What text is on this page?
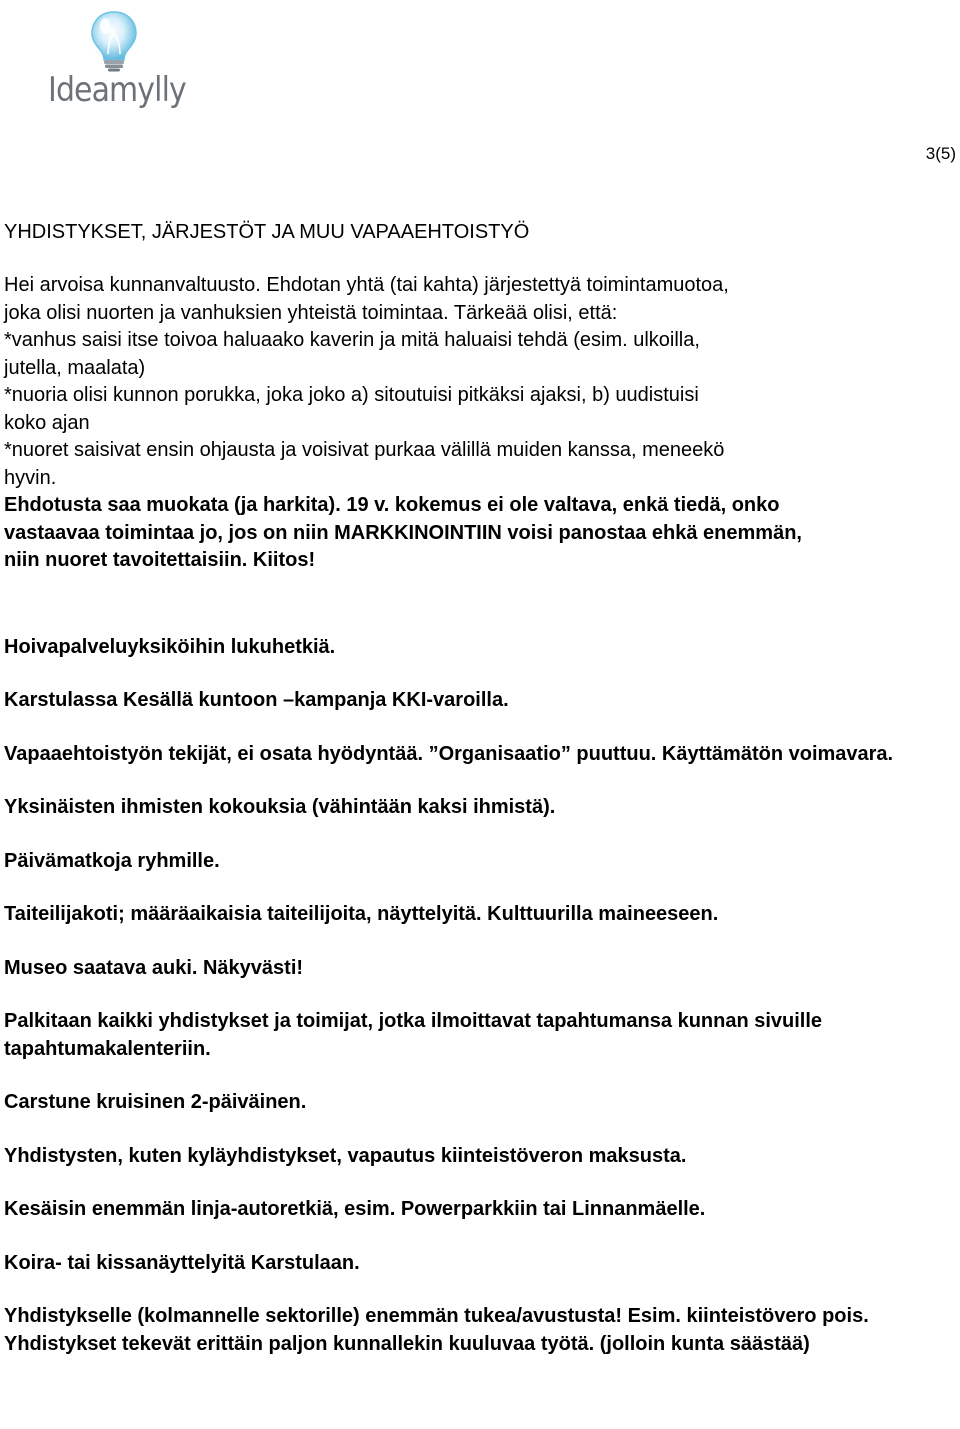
Ideamylly
3(5)
YHDISTYKSET, JÄRJESTÖT JA MUU VAPAAEHTOISTYÖ

Hei arvoisa kunnanvaltuusto. Ehdotan yhtä (tai kahta) järjestettyä toimintamuotoa,

joka olisi nuorten ja vanhuksien yhteistä toimintaa. Tärkeää olisi, että:

*vanhus saisi itse toivoa haluaako kaverin ja mitä haluaisi tehdä (esim. ulkoilla,

jutella, maalata)

*nuoria olisi kunnon porukka, joka joko a) sitoutuisi pitkäksi ajaksi, b) uudistuisi

koko ajan

*nuoret saisivat ensin ohjausta ja voisivat purkaa välillä muiden kanssa, meneekö

hyvin.

Ehdotusta saa muokata (ja harkita). 19 v. kokemus ei ole valtava, enkä tiedä, onko

vastaavaa toimintaa jo, jos on niin MARKKINOINTIIN voisi panostaa ehkä enemmän,

niin nuoret tavoitettaisiin. Kiitos!

Hoivapalveluyksiköihin lukuhetkiä.

Karstulassa Kesällä kuntoon –kampanja KKI-varoilla.

Vapaaehtoistyön tekijät, ei osata hyödyntää. ”Organisaatio” puuttuu. Käyttämätön voimavara.

Yksinäisten ihmisten kokouksia (vähintään kaksi ihmistä).

Päivämatkoja ryhmille.

Taiteilijakoti; määräaikaisia taiteilijoita, näyttelyitä. Kulttuurilla maineeseen.

Museo saatava auki. Näkyvästi!

Palkitaan kaikki yhdistykset ja toimijat, jotka ilmoittavat tapahtumansa kunnan sivuille tapahtumakalenteriin.

Carstune kruisinen 2-päiväinen.

Yhdistysten, kuten kyläyhdistykset, vapautus kiinteistöveron maksusta.

Kesäisin enemmän linja-autoretkiä, esim. Powerparkkiin tai Linnanmäelle.

Koira- tai kissanäyttelyitä Karstulaan.

Yhdistykselle (kolmannelle sektorille) enemmän tukea/avustusta! Esim. kiinteistövero pois. Yhdistykset tekevät erittäin paljon kunnallekin kuuluvaa työtä. (jolloin kunta säästää)
